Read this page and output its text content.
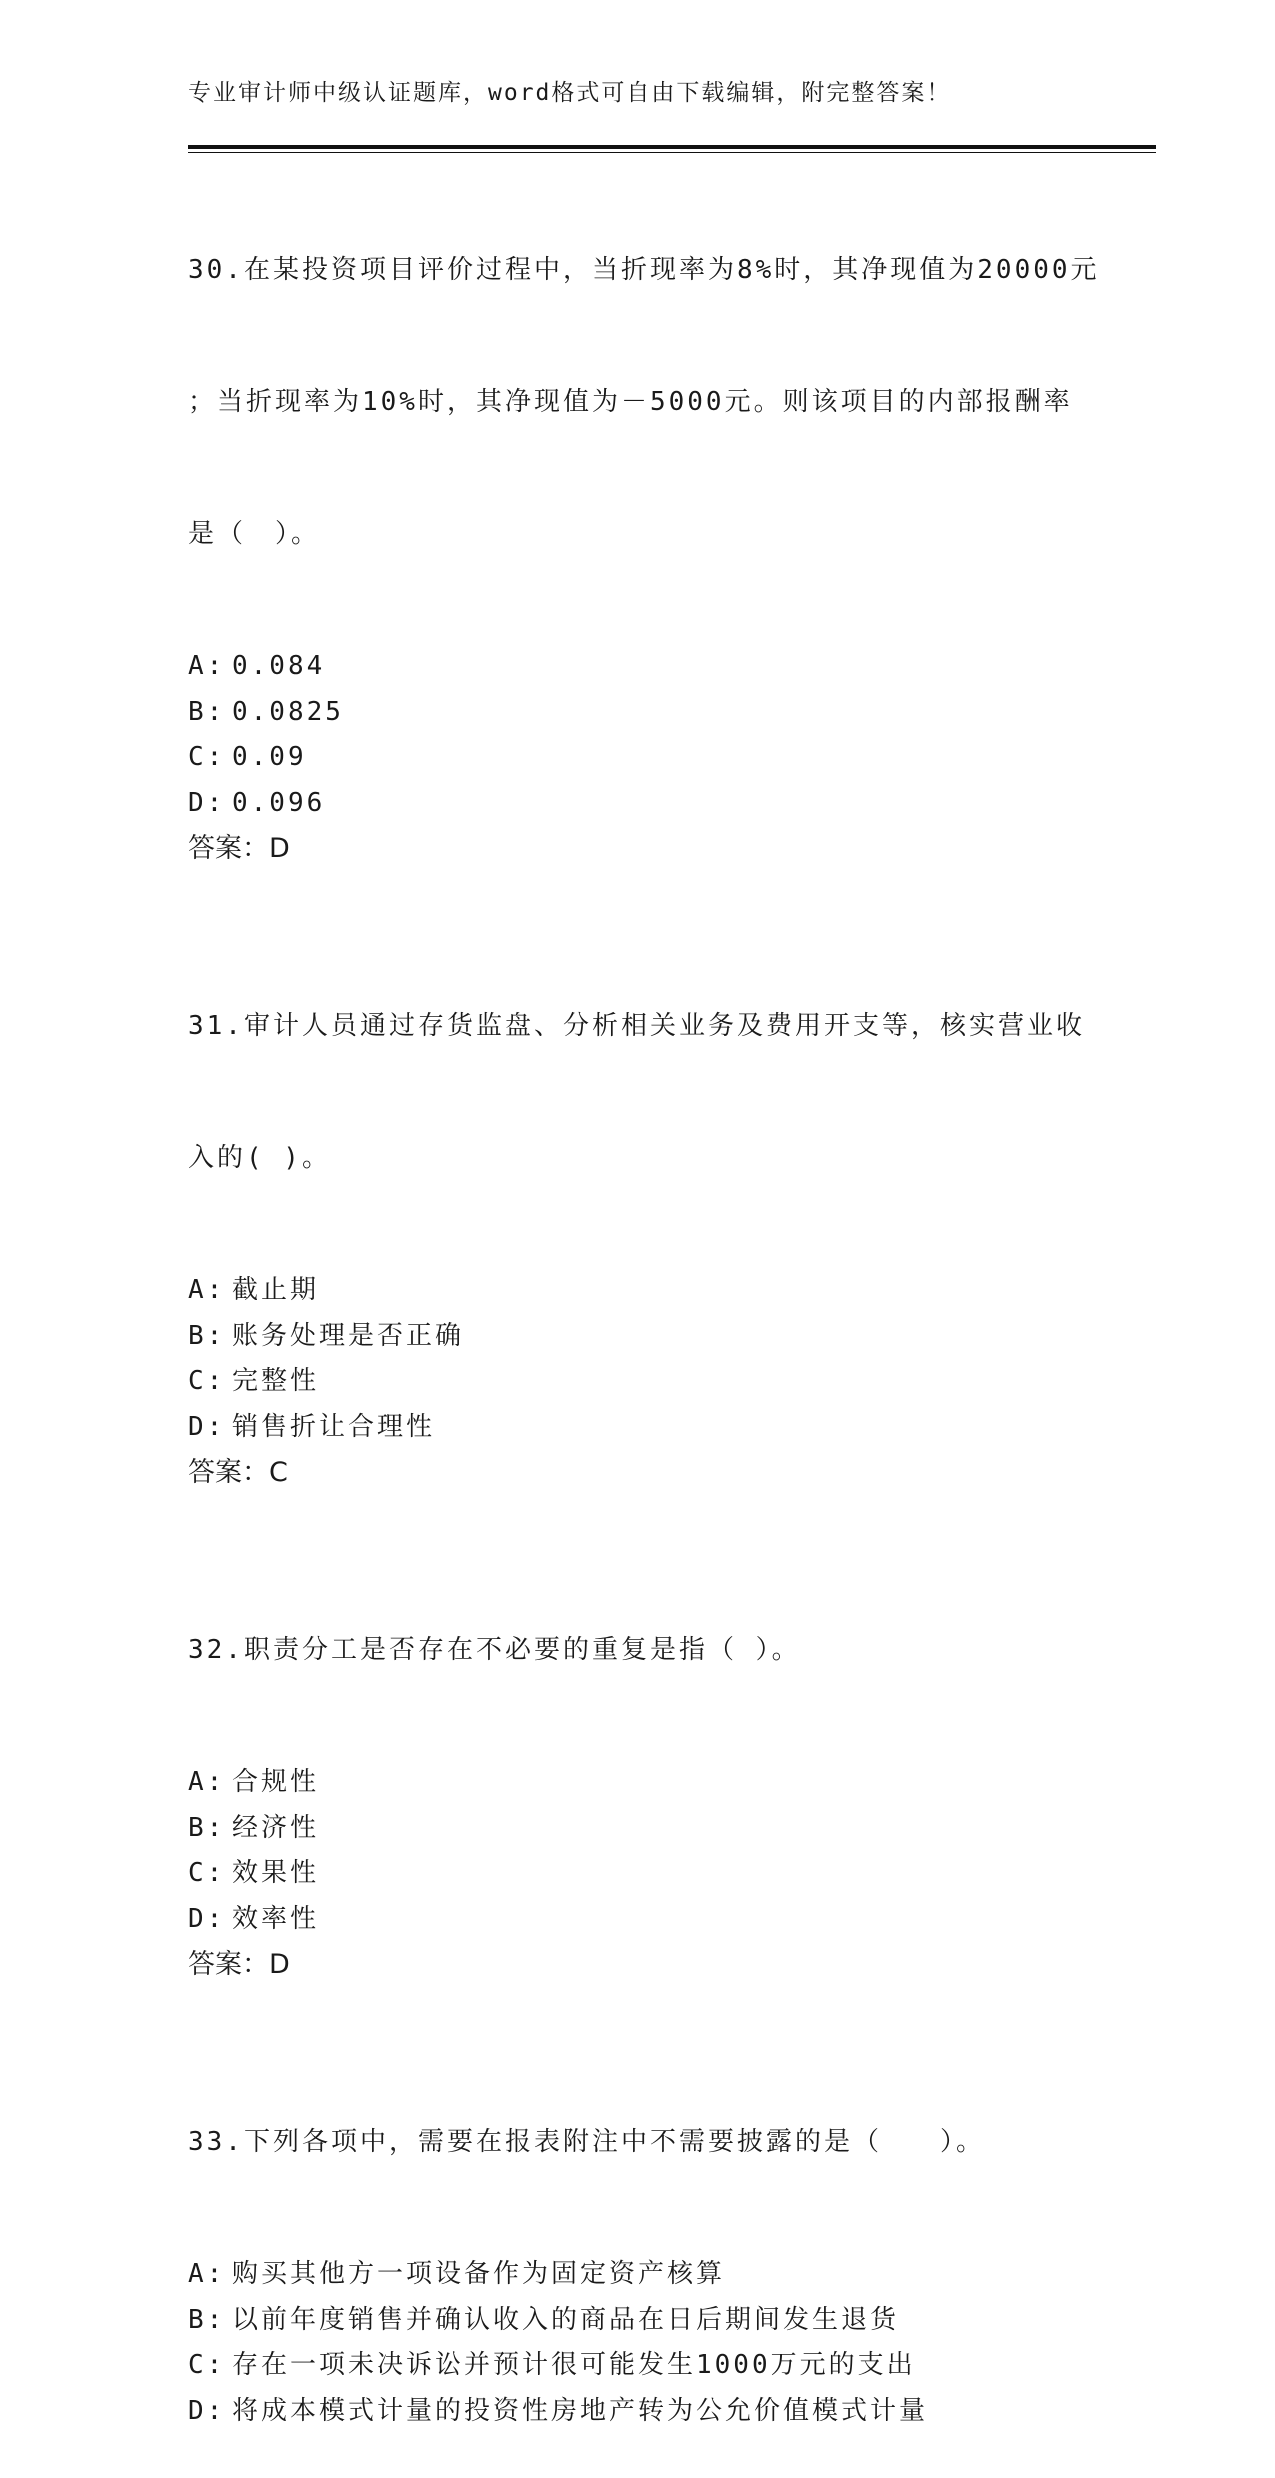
专业审计师中级认证题库，word格式可自由下载编辑，附完整答案！

30.在某投资项目评价过程中，当折现率为8%时，其净现值为20000元

；当折现率为10%时，其净现值为－5000元。则该项目的内部报酬率

是（　）。

A: 0.084
B: 0.0825
C: 0.09
D: 0.096
答案：D

31.审计人员通过存货监盘、分析相关业务及费用开支等，核实营业收

入的( )。

A: 截止期
B: 账务处理是否正确
C: 完整性
D: 销售折让合理性
答案：C

32.职责分工是否存在不必要的重复是指（ ）。

A: 合规性
B: 经济性
C: 效果性
D: 效率性
答案：D

33.下列各项中，需要在报表附注中不需要披露的是（　　）。

A: 购买其他方一项设备作为固定资产核算
B: 以前年度销售并确认收入的商品在日后期间发生退货
C: 存在一项未决诉讼并预计很可能发生1000万元的支出
D: 将成本模式计量的投资性房地产转为公允价值模式计量
